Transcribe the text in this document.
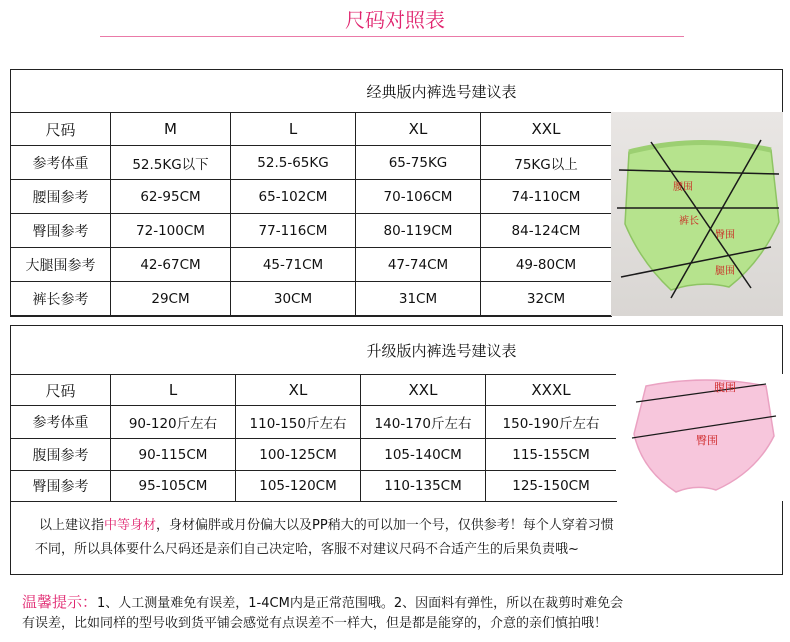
尺码对照表
经典版内裤选号建议表
尺码	M	L	XL	XXL
参考体重	52.5KG以下	52.5-65KG	65-75KG	75KG以上
腰围参考	62-95CM	65-102CM	70-106CM	74-110CM
臀围参考	72-100CM	77-116CM	80-119CM	84-124CM
大腿围参考	42-67CM	45-71CM	47-74CM	49-80CM
裤长参考	29CM	30CM	31CM	32CM
腰围
裤长
臀围
腿围
升级版内裤选号建议表
尺码	L	XL	XXL	XXXL
参考体重	90-120斤左右	110-150斤左右	140-170斤左右	150-190斤左右
腹围参考	90-115CM	100-125CM	105-140CM	115-155CM
臀围参考	95-105CM	105-120CM	110-135CM	125-150CM
腹围
臀围
以上建议指中等身材，身材偏胖或月份偏大以及PP稍大的可以加一个号，仅供参考！每个人穿着习惯
不同，所以具体要什么尺码还是亲们自己决定哈，客服不对建议尺码不合适产生的后果负责哦~
温馨提示：1、人工测量难免有误差，1-4CM内是正常范围哦。2、因面料有弹性，所以在裁剪时难免会
有误差，比如同样的型号收到货平铺会感觉有点误差不一样大，但是都是能穿的，介意的亲们慎拍哦！
